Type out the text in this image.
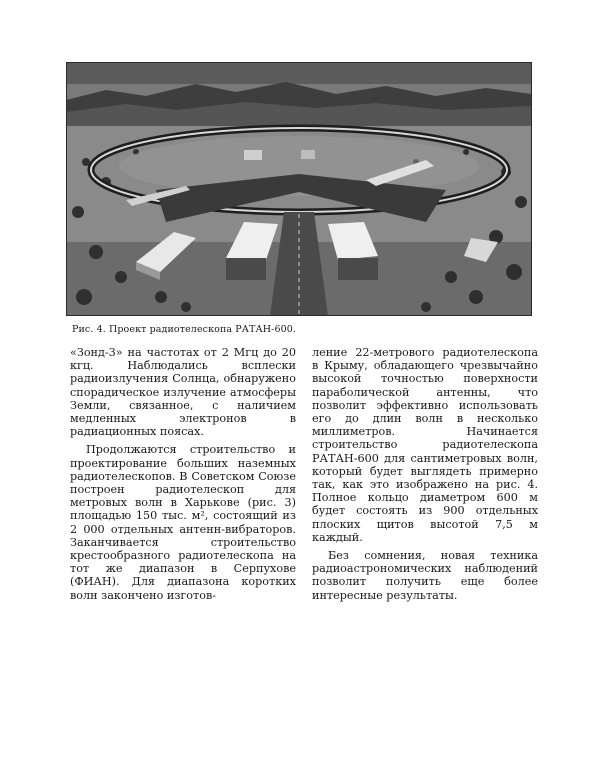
Рис. 4. Проект радиотелескопа РАТАН-600.

«Зонд-3» на частотах от 2 Мгц до 20 кгц. Наблюдались всплески радиоизлучения Солнца, обнаружено спорадическое излучение атмосферы Земли, связанное, с наличием медленных электронов в радиационных поясах.

Продолжаются строительство и проектирование больших наземных радиотелескопов. В Советском Союзе построен радиотелескоп для метровых волн в Харькове (рис. 3) площадью 150 тыс. м², состоящий из 2 000 отдельных антенн-вибраторов. Заканчивается строительство крестообразного радиотелескопа на тот же диапазон в Серпухове (ФИАН). Для диапазона коротких волн закончено изготов-

ление 22-метрового радиотелескопа в Крыму, обладающего чрезвычайно высокой точностью поверхности параболической антенны, что позволит эффективно использовать его до длин волн в несколько миллиметров. Начинается строительство радиотелескопа РАТАН-600 для сантиметровых волн, который будет выглядеть примерно так, как это изображено на рис. 4. Полное кольцо диаметром 600 м будет состоять из 900 отдельных плоских щитов высотой 7,5 м каждый.

Без сомнения, новая техника радиоастрономических наблюдений позволит получить еще более интересные результаты.
